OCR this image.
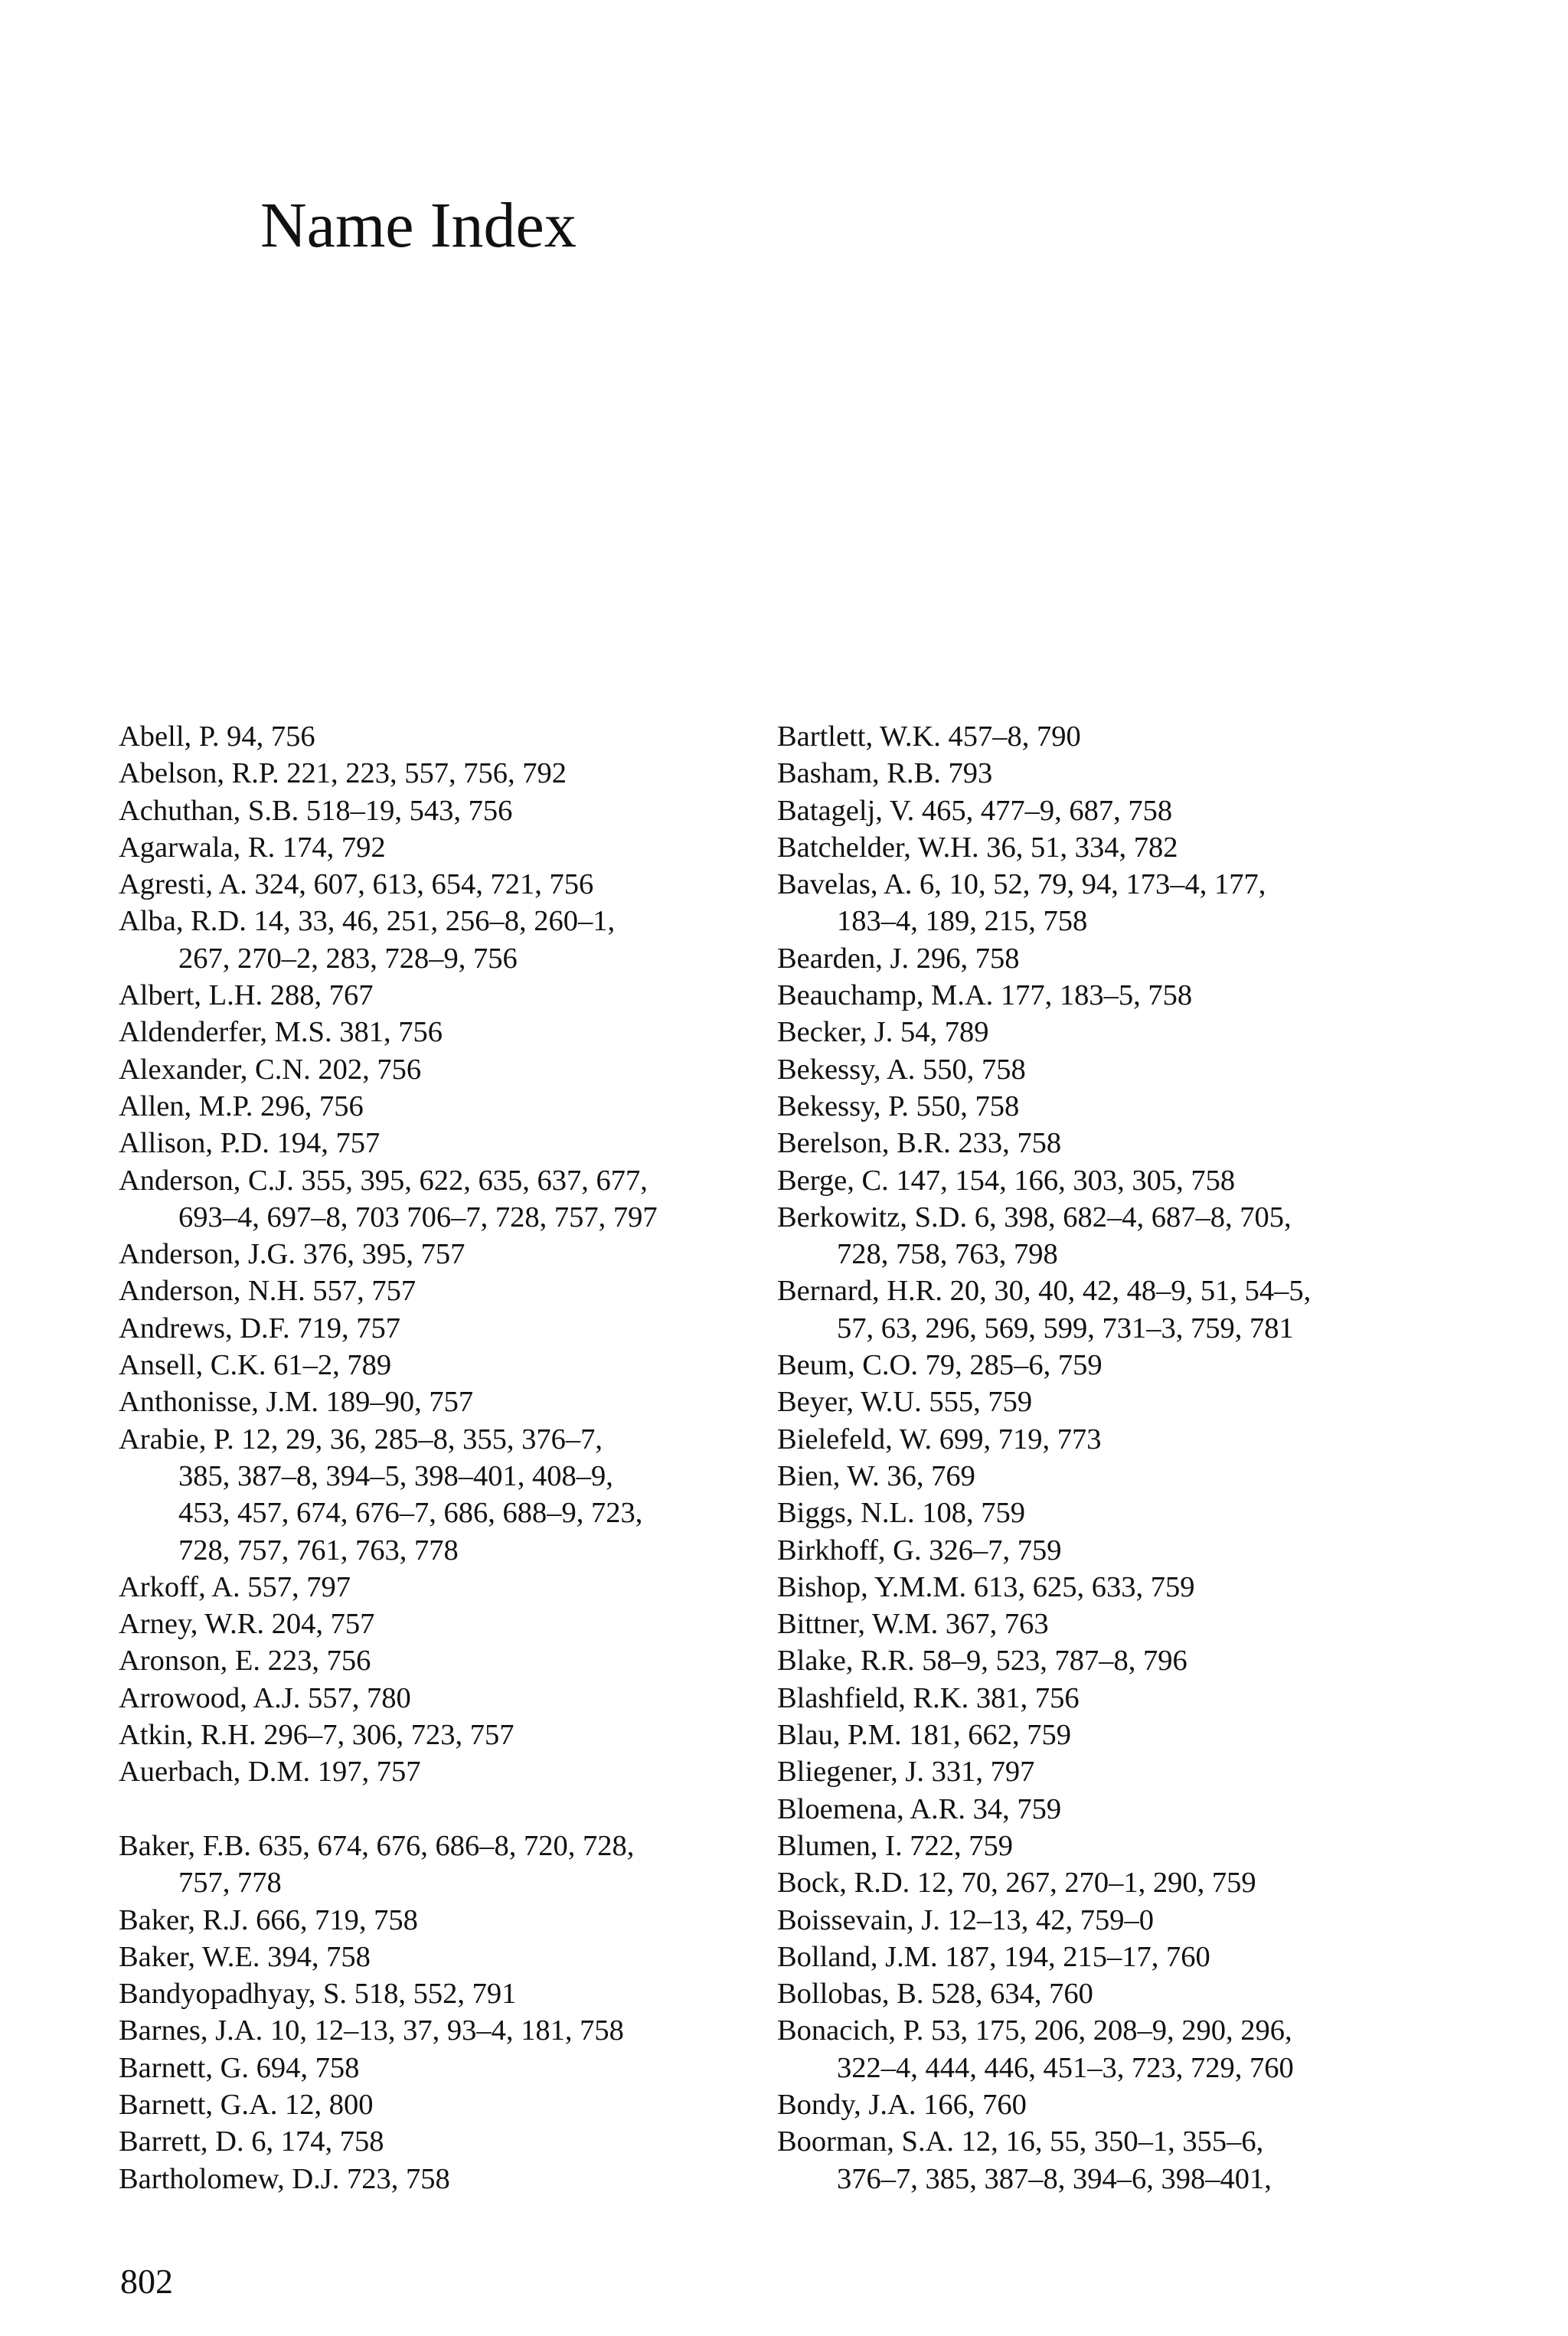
Name Index
Abell, P. 94, 756
Abelson, R.P. 221, 223, 557, 756, 792
Achuthan, S.B. 518–19, 543, 756
Agarwala, R. 174, 792
Agresti, A. 324, 607, 613, 654, 721, 756
Alba, R.D. 14, 33, 46, 251, 256–8, 260–1,
267, 270–2, 283, 728–9, 756
Albert, L.H. 288, 767
Aldenderfer, M.S. 381, 756
Alexander, C.N. 202, 756
Allen, M.P. 296, 756
Allison, P.D. 194, 757
Anderson, C.J. 355, 395, 622, 635, 637, 677,
693–4, 697–8, 703 706–7, 728, 757, 797
Anderson, J.G. 376, 395, 757
Anderson, N.H. 557, 757
Andrews, D.F. 719, 757
Ansell, C.K. 61–2, 789
Anthonisse, J.M. 189–90, 757
Arabie, P. 12, 29, 36, 285–8, 355, 376–7,
385, 387–8, 394–5, 398–401, 408–9,
453, 457, 674, 676–7, 686, 688–9, 723,
728, 757, 761, 763, 778
Arkoff, A. 557, 797
Arney, W.R. 204, 757
Aronson, E. 223, 756
Arrowood, A.J. 557, 780
Atkin, R.H. 296–7, 306, 723, 757
Auerbach, D.M. 197, 757
Baker, F.B. 635, 674, 676, 686–8, 720, 728,
757, 778
Baker, R.J. 666, 719, 758
Baker, W.E. 394, 758
Bandyopadhyay, S. 518, 552, 791
Barnes, J.A. 10, 12–13, 37, 93–4, 181, 758
Barnett, G. 694, 758
Barnett, G.A. 12, 800
Barrett, D. 6, 174, 758
Bartholomew, D.J. 723, 758
Bartlett, W.K. 457–8, 790
Basham, R.B. 793
Batagelj, V. 465, 477–9, 687, 758
Batchelder, W.H. 36, 51, 334, 782
Bavelas, A. 6, 10, 52, 79, 94, 173–4, 177,
183–4, 189, 215, 758
Bearden, J. 296, 758
Beauchamp, M.A. 177, 183–5, 758
Becker, J. 54, 789
Bekessy, A. 550, 758
Bekessy, P. 550, 758
Berelson, B.R. 233, 758
Berge, C. 147, 154, 166, 303, 305, 758
Berkowitz, S.D. 6, 398, 682–4, 687–8, 705,
728, 758, 763, 798
Bernard, H.R. 20, 30, 40, 42, 48–9, 51, 54–5,
57, 63, 296, 569, 599, 731–3, 759, 781
Beum, C.O. 79, 285–6, 759
Beyer, W.U. 555, 759
Bielefeld, W. 699, 719, 773
Bien, W. 36, 769
Biggs, N.L. 108, 759
Birkhoff, G. 326–7, 759
Bishop, Y.M.M. 613, 625, 633, 759
Bittner, W.M. 367, 763
Blake, R.R. 58–9, 523, 787–8, 796
Blashfield, R.K. 381, 756
Blau, P.M. 181, 662, 759
Bliegener, J. 331, 797
Bloemena, A.R. 34, 759
Blumen, I. 722, 759
Bock, R.D. 12, 70, 267, 270–1, 290, 759
Boissevain, J. 12–13, 42, 759–0
Bolland, J.M. 187, 194, 215–17, 760
Bollobas, B. 528, 634, 760
Bonacich, P. 53, 175, 206, 208–9, 290, 296,
322–4, 444, 446, 451–3, 723, 729, 760
Bondy, J.A. 166, 760
Boorman, S.A. 12, 16, 55, 350–1, 355–6,
376–7, 385, 387–8, 394–6, 398–401,

802
